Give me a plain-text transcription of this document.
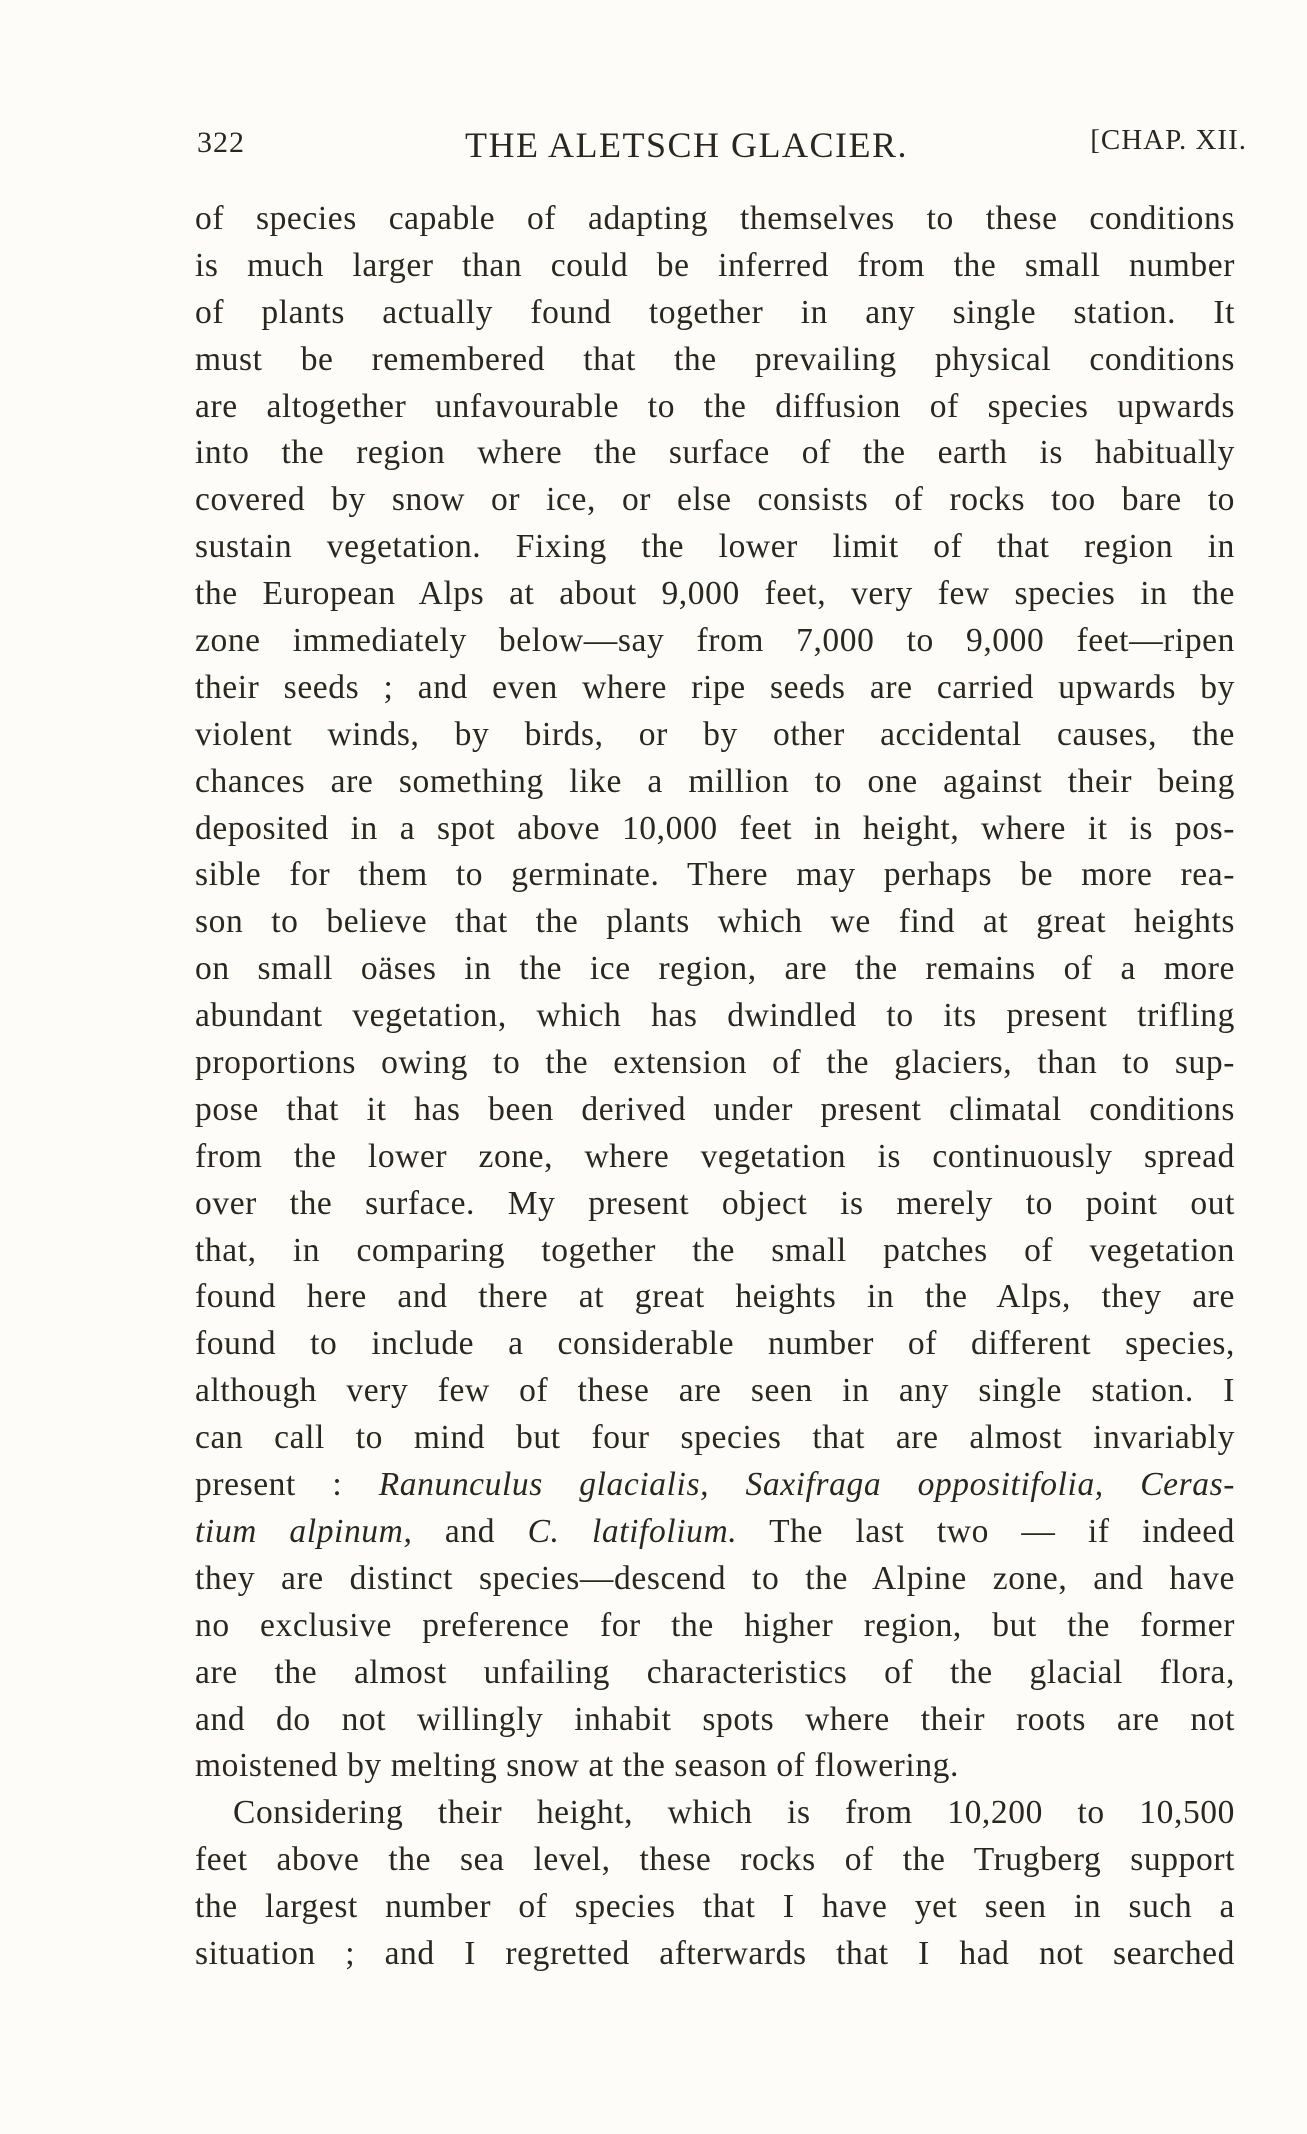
322	THE ALETSCH GLACIER.	[CHAP. XII.
of species capable of adapting themselves to these conditions
is much larger than could be inferred from the small number
of plants actually found together in any single station. It
must be remembered that the prevailing physical conditions
are altogether unfavourable to the diffusion of species upwards
into the region where the surface of the earth is habitually
covered by snow or ice, or else consists of rocks too bare to
sustain vegetation. Fixing the lower limit of that region in
the European Alps at about 9,000 feet, very few species in the
zone immediately below—say from 7,000 to 9,000 feet—ripen
their seeds ; and even where ripe seeds are carried upwards by
violent winds, by birds, or by other accidental causes, the
chances are something like a million to one against their being
deposited in a spot above 10,000 feet in height, where it is pos-
sible for them to germinate. There may perhaps be more rea-
son to believe that the plants which we find at great heights
on small oäses in the ice region, are the remains of a more
abundant vegetation, which has dwindled to its present trifling
proportions owing to the extension of the glaciers, than to sup-
pose that it has been derived under present climatal conditions
from the lower zone, where vegetation is continuously spread
over the surface. My present object is merely to point out
that, in comparing together the small patches of vegetation
found here and there at great heights in the Alps, they are
found to include a considerable number of different species,
although very few of these are seen in any single station. I
can call to mind but four species that are almost invariably
present : Ranunculus glacialis, Saxifraga oppositifolia, Ceras-
tium alpinum, and C. latifolium. The last two — if indeed
they are distinct species—descend to the Alpine zone, and have
no exclusive preference for the higher region, but the former
are the almost unfailing characteristics of the glacial flora,
and do not willingly inhabit spots where their roots are not
moistened by melting snow at the season of flowering.
Considering their height, which is from 10,200 to 10,500
feet above the sea level, these rocks of the Trugberg support
the largest number of species that I have yet seen in such a
situation ; and I regretted afterwards that I had not searched
